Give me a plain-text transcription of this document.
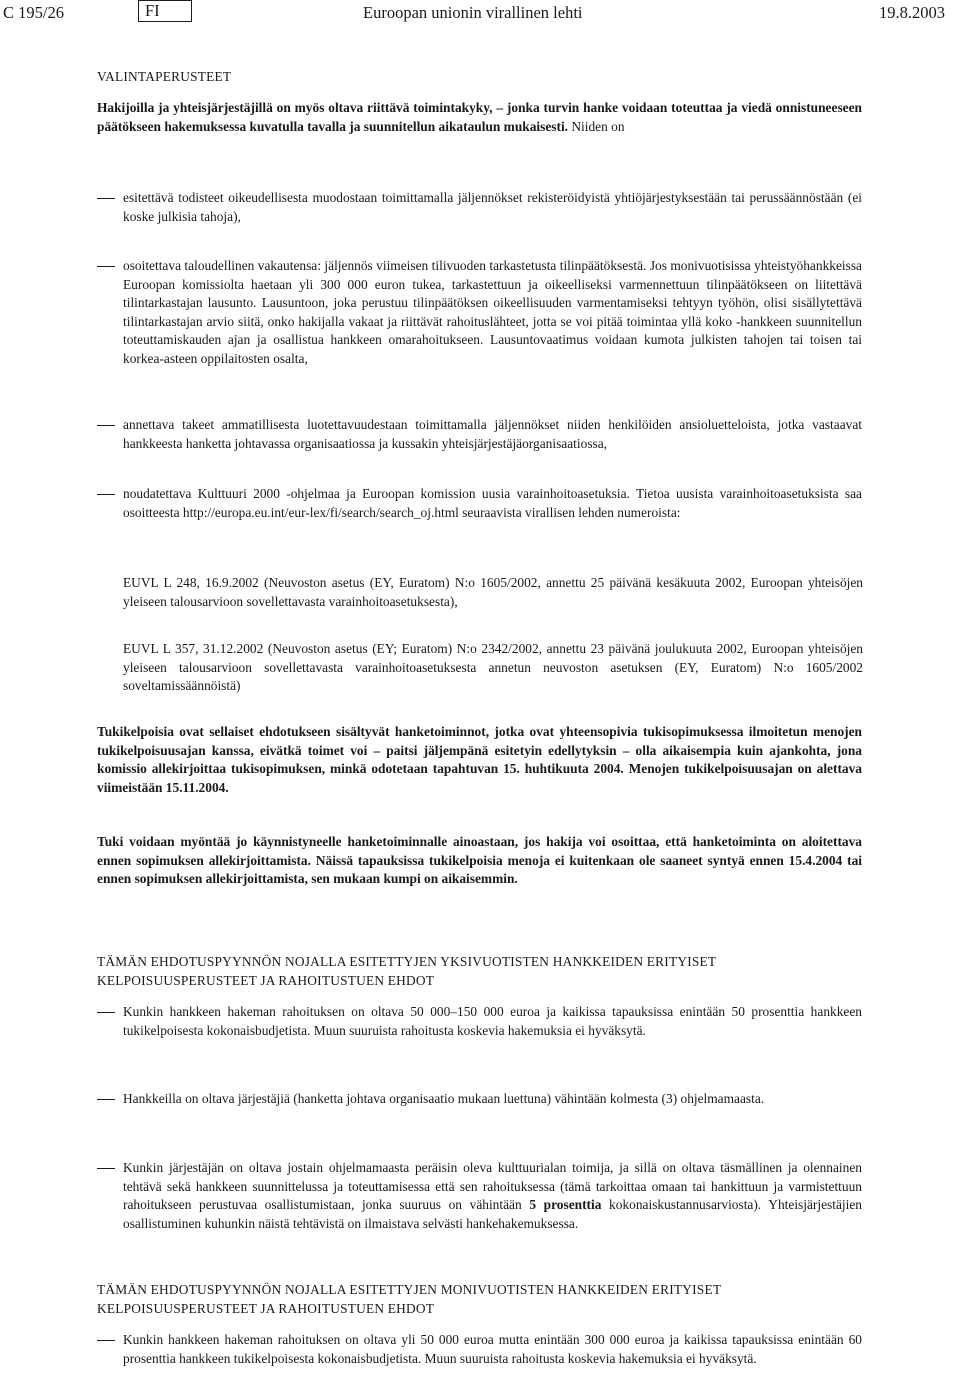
C 195/26	FI	Euroopan unionin virallinen lehti	19.8.2003
VALINTAPERUSTEET
Hakijoilla ja yhteisjärjestäjillä on myös oltava riittävä toimintakyky, – jonka turvin hanke voidaan toteuttaa ja viedä onnistuneeseen päätökseen hakemuksessa kuvatulla tavalla ja suunnitellun aikataulun mukaisesti. Niiden on
esitettävä todisteet oikeudellisesta muodostaan toimittamalla jäljennökset rekisteröidyistä yhtiöjärjestyksestään tai perussäännöstään (ei koske julkisia tahoja),
osoitettava taloudellinen vakautensa: jäljennös viimeisen tilivuoden tarkastetusta tilinpäätöksestä. Jos monivuotisissa yhteistyöhankkeissa Euroopan komissiolta haetaan yli 300 000 euron tukea, tarkastettuun ja oikeelliseksi varmennettuun tilinpäätökseen on liitettävä tilintarkastajan lausunto. Lausuntoon, joka perustuu tilinpäätöksen oikeellisuuden varmentamiseksi tehtyyn työhön, olisi sisällytettävä tilintarkastajan arvio siitä, onko hakijalla vakaat ja riittävät rahoituslähteet, jotta se voi pitää toimintaa yllä koko -hankkeen suunnitellun toteuttamiskauden ajan ja osallistua hankkeen omarahoitukseen. Lausuntovaatimus voidaan kumota julkisten tahojen tai toisen tai korkea-asteen oppilaitosten osalta,
annettava takeet ammatillisesta luotettavuudestaan toimittamalla jäljennökset niiden henkilöiden ansioluetteloista, jotka vastaavat hankkeesta hanketta johtavassa organisaatiossa ja kussakin yhteisjärjestäjäorganisaatiossa,
noudatettava Kulttuuri 2000 -ohjelmaa ja Euroopan komission uusia varainhoitoasetuksia. Tietoa uusista varainhoitoasetuksista saa osoitteesta http://europa.eu.int/eur-lex/fi/search/search_oj.html seuraavista virallisen lehden numeroista:
EUVL L 248, 16.9.2002 (Neuvoston asetus (EY, Euratom) N:o 1605/2002, annettu 25 päivänä kesäkuuta 2002, Euroopan yhteisöjen yleiseen talousarvioon sovellettavasta varainhoitoasetuksesta),
EUVL L 357, 31.12.2002 (Neuvoston asetus (EY; Euratom) N:o 2342/2002, annettu 23 päivänä joulukuuta 2002, Euroopan yhteisöjen yleiseen talousarvioon sovellettavasta varainhoitoasetuksesta annetun neuvoston asetuksen (EY, Euratom) N:o 1605/2002 soveltamissäännöistä)
Tukikelpoisia ovat sellaiset ehdotukseen sisältyvät hanketoiminnot, jotka ovat yhteensopivia tukisopimuksessa ilmoitetun menojen tukikelpoisuusajan kanssa, eivätkä toimet voi – paitsi jäljempänä esitetyin edellytyksin – olla aikaisempia kuin ajankohta, jona komissio allekirjoittaa tukisopimuksen, minkä odotetaan tapahtuvan 15. huhtikuuta 2004. Menojen tukikelpoisuusajan on alettava viimeistään 15.11.2004.
Tuki voidaan myöntää jo käynnistyneelle hanketoiminnalle ainoastaan, jos hakija voi osoittaa, että hanketoiminta on aloitettava ennen sopimuksen allekirjoittamista. Näissä tapauksissa tukikelpoisia menoja ei kuitenkaan ole saaneet syntyä ennen 15.4.2004 tai ennen sopimuksen allekirjoittamista, sen mukaan kumpi on aikaisemmin.
TÄMÄN EHDOTUSPYYNNÖN NOJALLA ESITETTYJEN YKSIVUOTISTEN HANKKEIDEN ERITYISET KELPOISUUSPERUSTEET JA RAHOITUSTUEN EHDOT
Kunkin hankkeen hakeman rahoituksen on oltava 50 000–150 000 euroa ja kaikissa tapauksissa enintään 50 prosenttia hankkeen tukikelpoisesta kokonaisbudjetista. Muun suuruista rahoitusta koskevia hakemuksia ei hyväksytä.
Hankkeilla on oltava järjestäjiä (hanketta johtava organisaatio mukaan luettuna) vähintään kolmesta (3) ohjelmamaasta.
Kunkin järjestäjän on oltava jostain ohjelmamaasta peräisin oleva kulttuurialan toimija, ja sillä on oltava täsmällinen ja olennainen tehtävä sekä hankkeen suunnittelussa ja toteuttamisessa että sen rahoituksessa (tämä tarkoittaa omaan tai hankittuun ja varmistettuun rahoitukseen perustuvaa osallistumistaan, jonka suuruus on vähintään 5 prosenttia kokonaiskustannusarviosta). Yhteisjärjestäjien osallistuminen kuhunkin näistä tehtävistä on ilmaistava selvästi hankehakemuksessa.
TÄMÄN EHDOTUSPYYNNÖN NOJALLA ESITETTYJEN MONIVUOTISTEN HANKKEIDEN ERITYISET KELPOISUUSPERUSTEET JA RAHOITUSTUEN EHDOT
Kunkin hankkeen hakeman rahoituksen on oltava yli 50 000 euroa mutta enintään 300 000 euroa ja kaikissa tapauksissa enintään 60 prosenttia hankkeen tukikelpoisesta kokonaisbudjetista. Muun suuruista rahoitusta koskevia hakemuksia ei hyväksytä.
